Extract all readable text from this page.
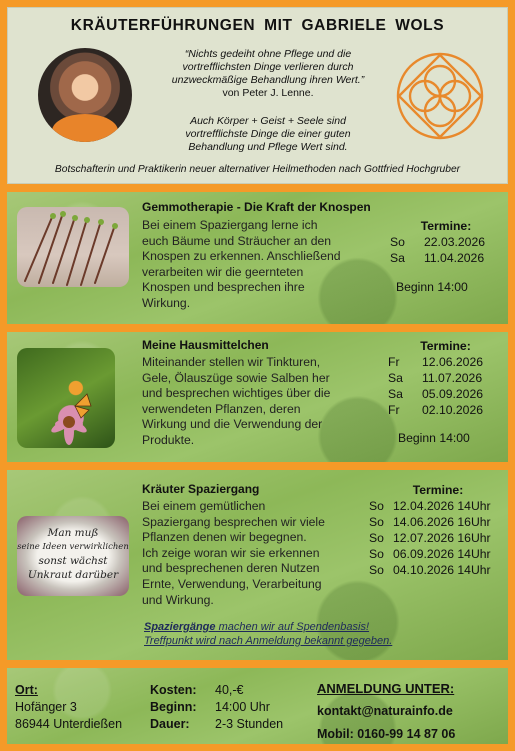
KRÄUTERFÜHRUNGEN MIT GABRIELE WOLS
“Nichts gedeiht ohne Pflege und die
vortrefflichsten Dinge verlieren durch
unzweckmäßige Behandlung ihren Wert.”
von Peter J. Lenne.
Auch Körper + Geist + Seele sind
vortrefflichste Dinge die einer guten
Behandlung und Pflege Wert sind.
Botschafterin und Praktikerin neuer alternativer Heilmethoden nach Gottfried Hochgruber
Gemmotherapie - Die Kraft der Knospen
Bei einem Spaziergang lerne ich
euch Bäume und Sträucher an den
Knospen zu erkennen. Anschließend
verarbeiten wir die geernteten
Knospen und besprechen ihre
Wirkung.
Termine:
So	22.03.2026
Sa	11.04.2026
Beginn 14:00
Meine Hausmittelchen
Miteinander stellen wir Tinkturen,
Gele, Ölauszüge sowie Salben her
und besprechen wichtiges über die
verwendeten Pflanzen, deren
Wirkung und die Verwendung der
Produkte.
Termine:
Fr	12.06.2026
Sa	11.07.2026
Sa	05.09.2026
Fr	02.10.2026
Beginn 14:00
Man muß
seine Ideen verwirklichen
sonst wächst
Unkraut darüber
Kräuter Spaziergang
Bei einem gemütlichen
Spaziergang besprechen wir viele
Pflanzen denen wir begegnen.
Ich zeige woran wir sie erkennen
und besprechenen deren Nutzen
Ernte, Verwendung, Verarbeitung
und Wirkung.
Termine:
So 12.04.2026 14Uhr
So 14.06.2026 16Uhr
So 12.07.2026 16Uhr
So 06.09.2026 14Uhr
So 04.10.2026 14Uhr
Spaziergänge machen wir auf Spendenbasis!
Treffpunkt wird nach Anmeldung bekannt gegeben.
Ort:
Hofänger 3
86944 Unterdießen
Kosten:	40,-€
Beginn:	14:00 Uhr
Dauer:	2-3 Stunden
ANMELDUNG UNTER:
kontakt@naturainfo.de
Mobil: 0160-99 14 87 06
